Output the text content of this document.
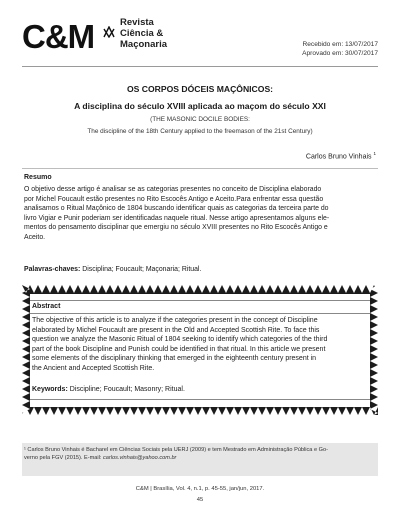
C&M	Revista
Ciência &
Maçonaria	Recebido em: 13/07/2017
Aprovado em: 30/07/2017
OS CORPOS DÓCEIS MAÇÔNICOS:
A disciplina do século XVIII aplicada ao maçom do século XXI
(THE MASONIC DOCILE BODIES:
The discipline of the 18th Century applied to the freemason of the 21st Century)
Carlos Bruno Vinhais $^1$
Resumo
O objetivo desse artigo é analisar se as categorias presentes no conceito de Disciplina elaborado
por Michel Foucault estão presentes no Rito Escocês Antigo e Aceito.Para enfrentar essa questão
analisamos o Ritual Maçônico de 1804 buscando identificar quais as categorias da terceira parte do
livro Vigiar e Punir poderiam ser identificadas naquele ritual. Nesse artigo apresentamos alguns ele-
mentos do pensamento disciplinar que emergiu no século XVIII presentes no Rito Escocês Antigo e
Aceito.
Palavras-chaves: Disciplina; Foucault; Maçonaria; Ritual.
Abstract
The objective of this article is to analyze if the categories present in the concept of Discipline
elaborated by Michel Foucault are present in the Old and Accepted Scottish Rite. To face this
question we analyze the Masonic Ritual of 1804 seeking to identify which categories of the third
part of the book Discipline and Punish could be identified in that ritual. In this article we present
some elements of the disciplinary thinking that emerged in the eighteenth century present in
the Ancient and Accepted Scottish Rite.
Keywords: Discipline; Foucault; Masonry; Ritual.
¹ Carlos Bruno Vinhais é Bacharel em Ciências Sociais pela UERJ (2009) e tem Mestrado em Administração Pública e Go-
verno pela FGV (2015). E-mail: carlos.vinhais@yahoo.com.br
C&M | Brasília, Vol. 4, n.1, p. 45-55, jan/jun, 2017.
45
